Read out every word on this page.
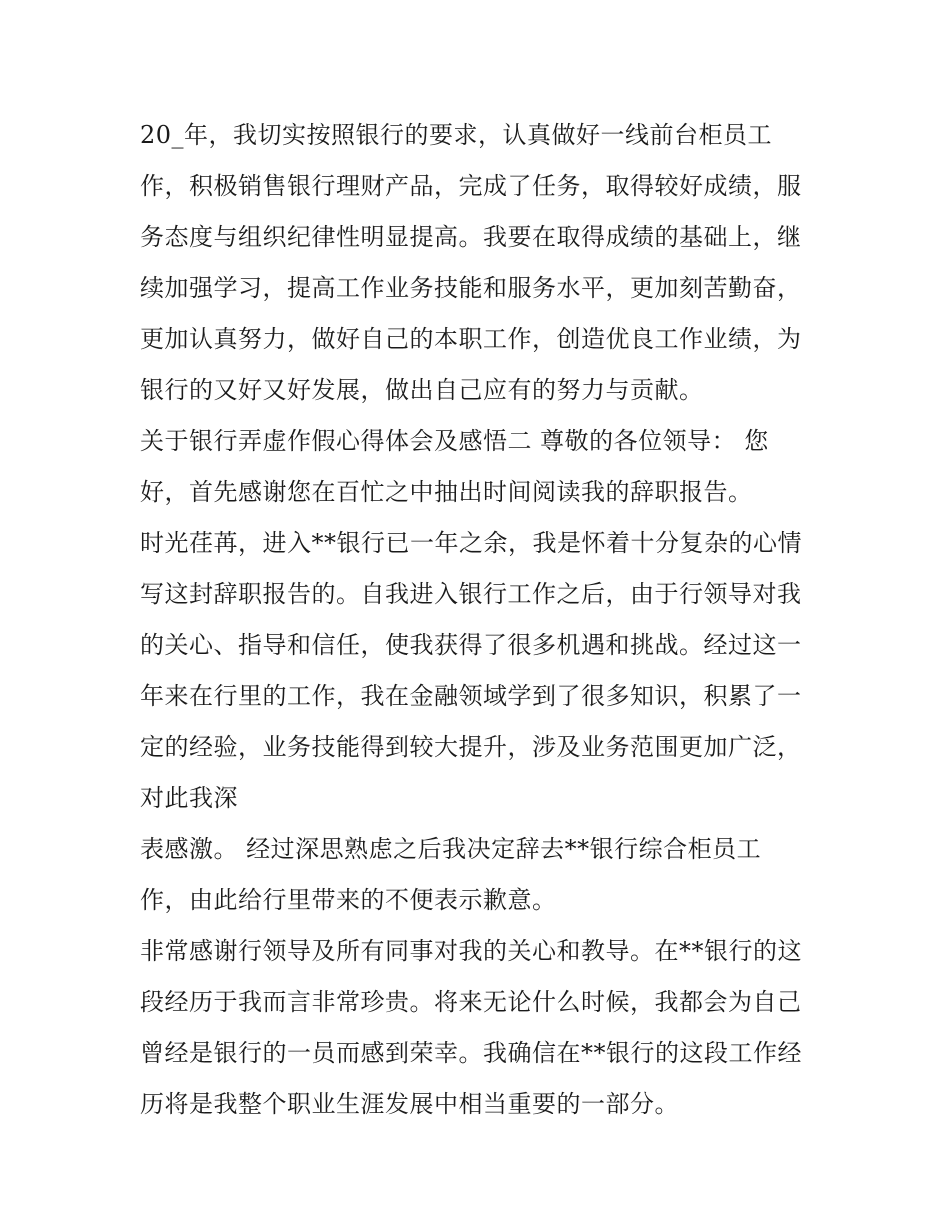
20_年，我切实按照银行的要求，认真做好一线前台柜员工
作，积极销售银行理财产品，完成了任务，取得较好成绩，服
务态度与组织纪律性明显提高。我要在取得成绩的基础上，继
续加强学习，提高工作业务技能和服务水平，更加刻苦勤奋，
更加认真努力，做好自己的本职工作，创造优良工作业绩，为
银行的又好又好发展，做出自己应有的努力与贡献。
关于银行弄虚作假心得体会及感悟二 尊敬的各位领导： 您
好，首先感谢您在百忙之中抽出时间阅读我的辞职报告。
时光荏苒，进入**银行已一年之余，我是怀着十分复杂的心情
写这封辞职报告的。自我进入银行工作之后，由于行领导对我
的关心、指导和信任，使我获得了很多机遇和挑战。经过这一
年来在行里的工作，我在金融领域学到了很多知识，积累了一
定的经验，业务技能得到较大提升，涉及业务范围更加广泛，
对此我深
表感激。 经过深思熟虑之后我决定辞去**银行综合柜员工
作，由此给行里带来的不便表示歉意。
非常感谢行领导及所有同事对我的关心和教导。在**银行的这
段经历于我而言非常珍贵。将来无论什么时候，我都会为自己
曾经是银行的一员而感到荣幸。我确信在**银行的这段工作经
历将是我整个职业生涯发展中相当重要的一部分。
